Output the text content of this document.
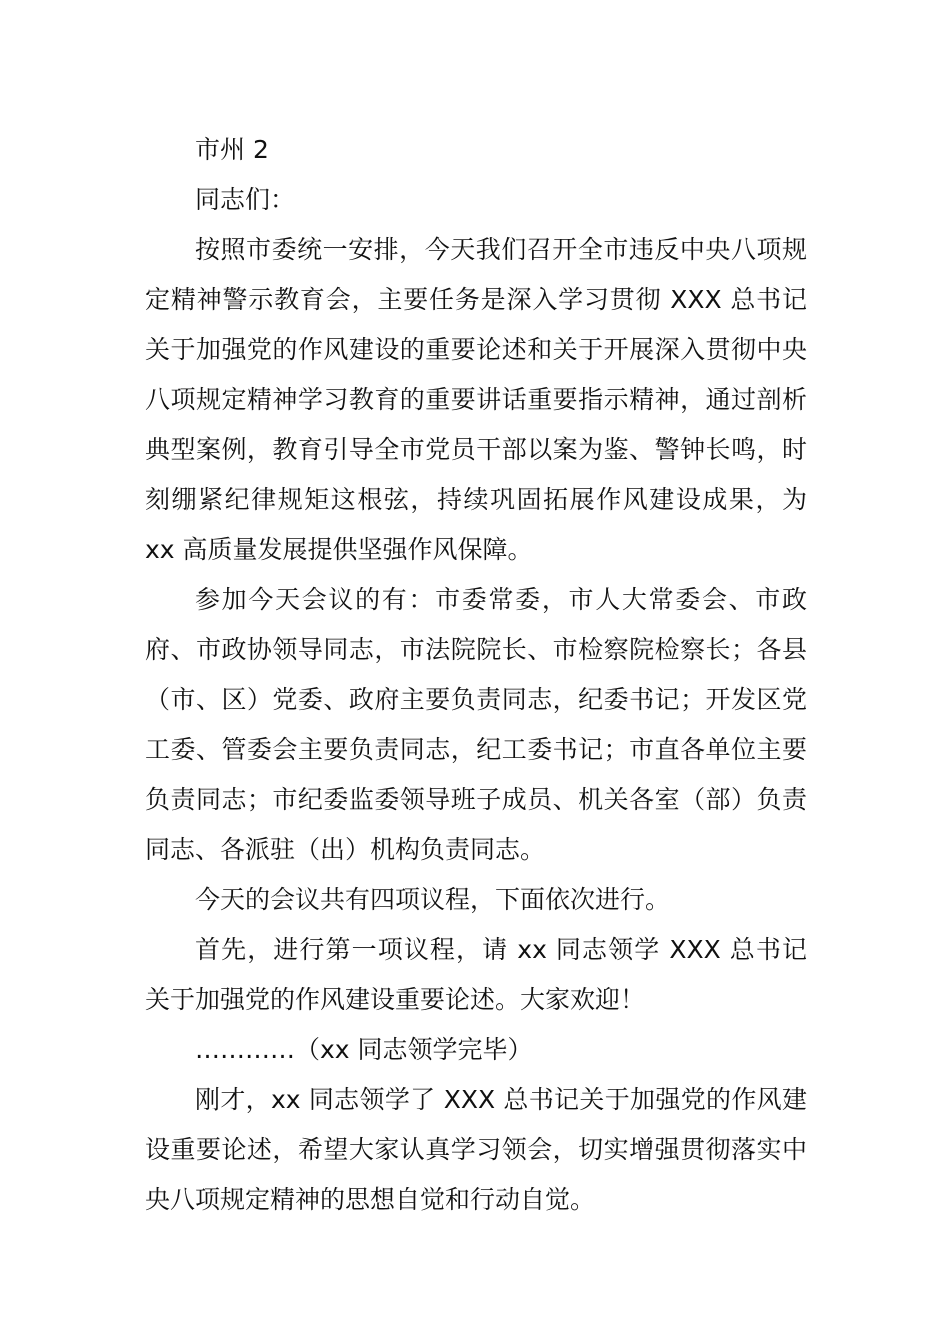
市州 2

同志们：

按照市委统一安排，今天我们召开全市违反中央八项规定精神警示教育会，主要任务是深入学习贯彻 XXX 总书记关于加强党的作风建设的重要论述和关于开展深入贯彻中央八项规定精神学习教育的重要讲话重要指示精神，通过剖析典型案例，教育引导全市党员干部以案为鉴、警钟长鸣，时刻绷紧纪律规矩这根弦，持续巩固拓展作风建设成果，为 xx 高质量发展提供坚强作风保障。

参加今天会议的有：市委常委，市人大常委会、市政府、市政协领导同志，市法院院长、市检察院检察长；各县（市、区）党委、政府主要负责同志，纪委书记；开发区党工委、管委会主要负责同志，纪工委书记；市直各单位主要负责同志；市纪委监委领导班子成员、机关各室（部）负责同志、各派驻（出）机构负责同志。

今天的会议共有四项议程，下面依次进行。

首先，进行第一项议程，请 xx 同志领学 XXX 总书记关于加强党的作风建设重要论述。大家欢迎！

…………（xx 同志领学完毕）

刚才，xx 同志领学了 XXX 总书记关于加强党的作风建设重要论述，希望大家认真学习领会，切实增强贯彻落实中央八项规定精神的思想自觉和行动自觉。
